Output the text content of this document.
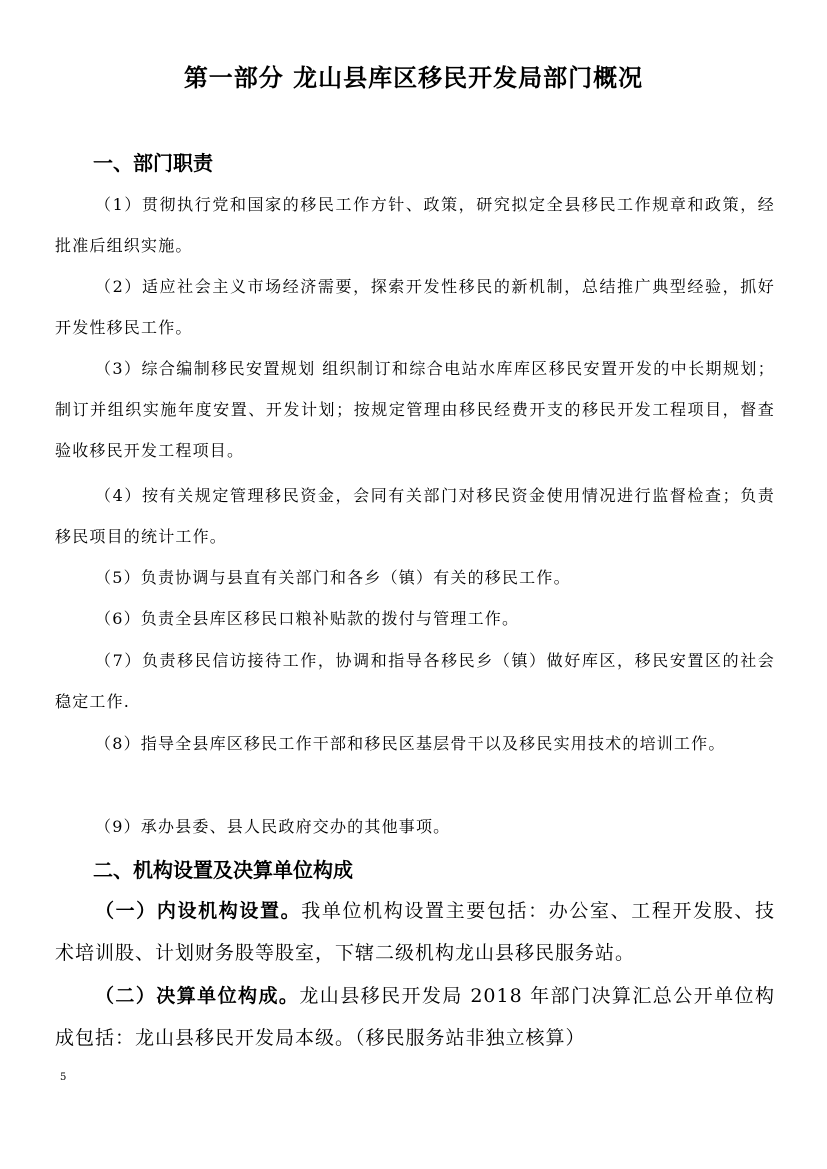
第一部分 龙山县库区移民开发局部门概况
一、部门职责
（1）贯彻执行党和国家的移民工作方针、政策，研究拟定全县移民工作规章和政策，经批准后组织实施。
（2）适应社会主义市场经济需要，探索开发性移民的新机制，总结推广典型经验，抓好开发性移民工作。
（3）综合编制移民安置规划 组织制订和综合电站水库库区移民安置开发的中长期规划；制订并组织实施年度安置、开发计划；按规定管理由移民经费开支的移民开发工程项目，督查验收移民开发工程项目。
（4）按有关规定管理移民资金，会同有关部门对移民资金使用情况进行监督检查；负责移民项目的统计工作。
（5）负责协调与县直有关部门和各乡（镇）有关的移民工作。
（6）负责全县库区移民口粮补贴款的拨付与管理工作。
（7）负责移民信访接待工作，协调和指导各移民乡（镇）做好库区，移民安置区的社会稳定工作.
（8）指导全县库区移民工作干部和移民区基层骨干以及移民实用技术的培训工作。
（9）承办县委、县人民政府交办的其他事项。
二、机构设置及决算单位构成
（一）内设机构设置。我单位机构设置主要包括：办公室、工程开发股、技术培训股、计划财务股等股室，下辖二级机构龙山县移民服务站。
（二）决算单位构成。龙山县移民开发局 2018 年部门决算汇总公开单位构成包括：龙山县移民开发局本级。（移民服务站非独立核算）
5
